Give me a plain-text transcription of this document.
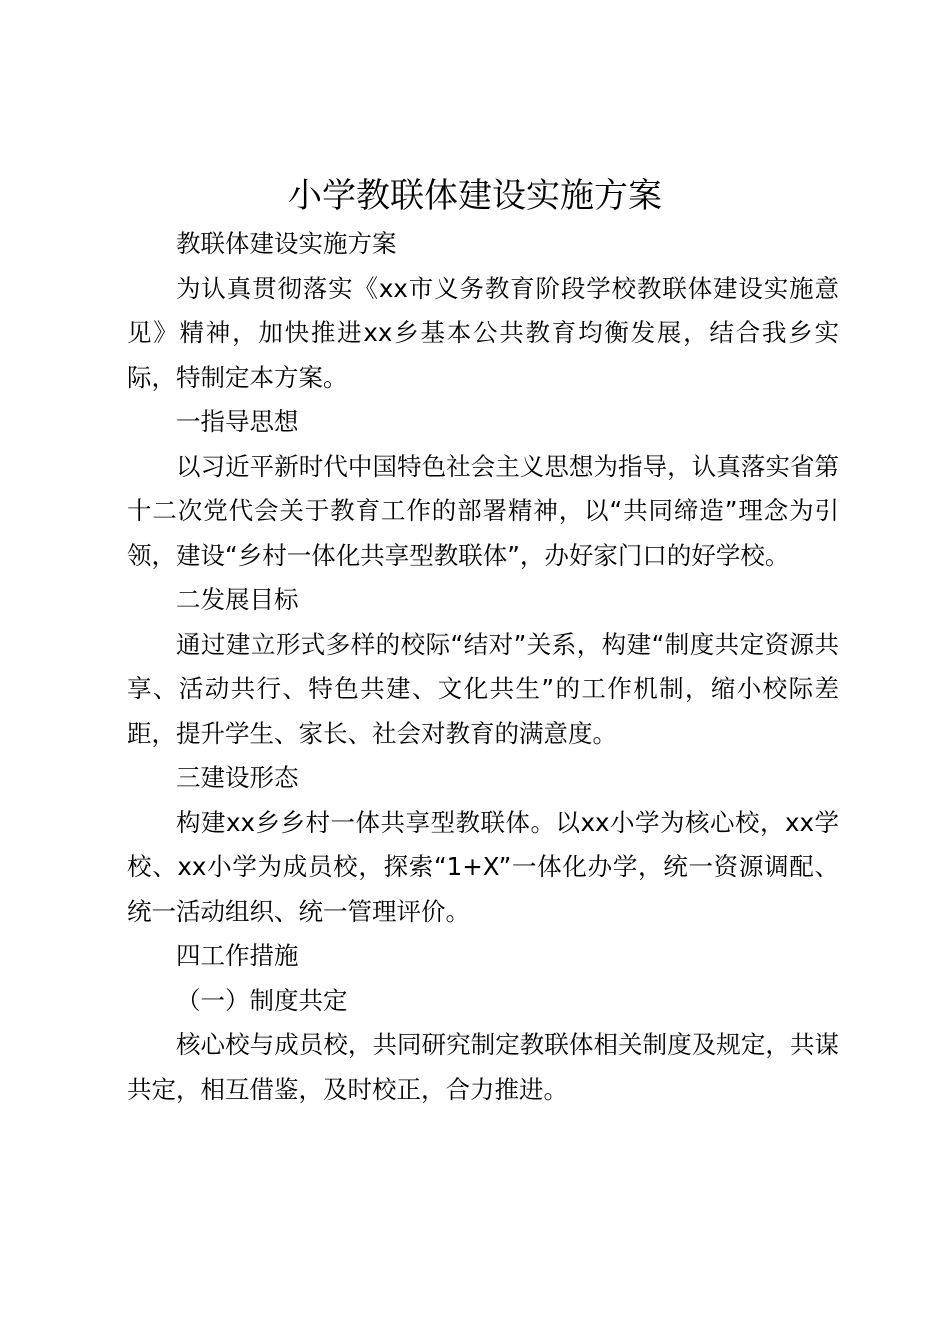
小学教联体建设实施方案

教联体建设实施方案

为认真贯彻落实《xx市义务教育阶段学校教联体建设实施意见》精神，加快推进xx乡基本公共教育均衡发展，结合我乡实际，特制定本方案。

一指导思想

以习近平新时代中国特色社会主义思想为指导，认真落实省第十二次党代会关于教育工作的部署精神，以“共同缔造”理念为引领，建设“乡村一体化共享型教联体”，办好家门口的好学校。

二发展目标

通过建立形式多样的校际“结对”关系，构建“制度共定资源共享、活动共行、特色共建、文化共生”的工作机制，缩小校际差距，提升学生、家长、社会对教育的满意度。

三建设形态

构建xx乡乡村一体共享型教联体。以xx小学为核心校，xx学校、xx小学为成员校，探索“1+X”一体化办学，统一资源调配、统一活动组织、统一管理评价。

四工作措施

（一）制度共定

核心校与成员校，共同研究制定教联体相关制度及规定，共谋共定，相互借鉴，及时校正，合力推进。
